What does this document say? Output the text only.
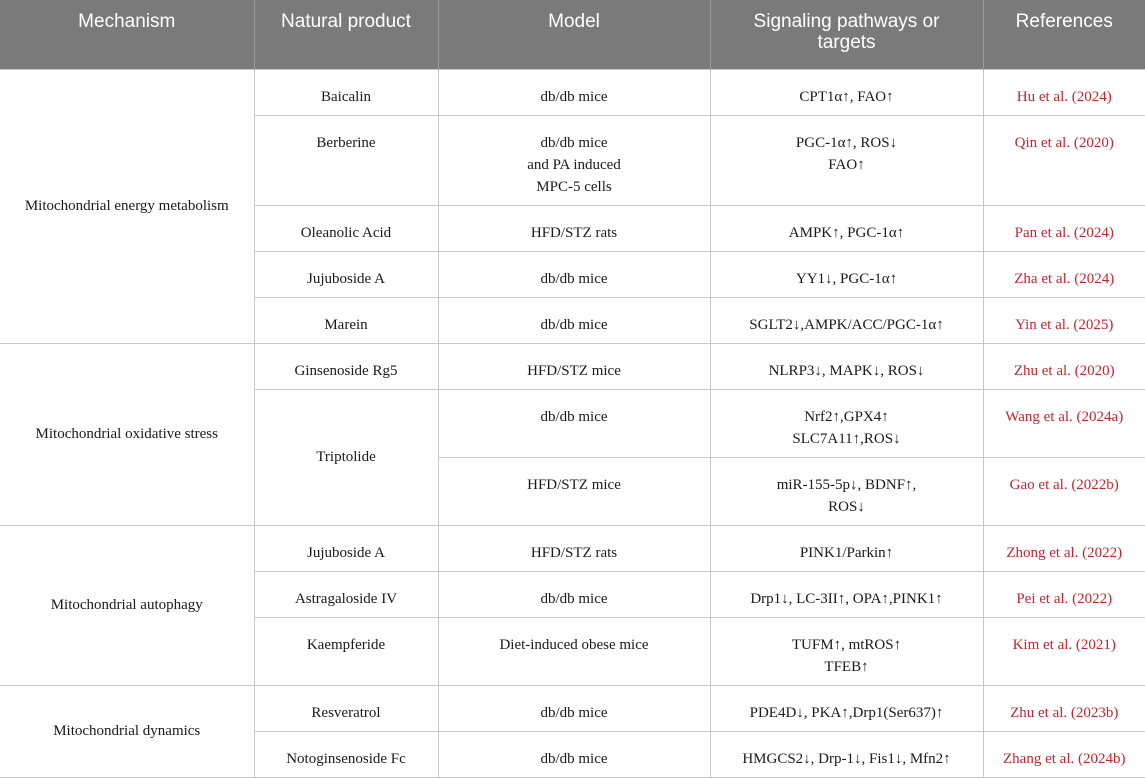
Mechanism	Natural product	Model	Signaling pathways or
targets	References
Mitochondrial energy metabolism	Baicalin	db/db mice	CPT1α↑, FAO↑	Hu et al. (2024)
	Berberine	db/db mice
and PA induced
MPC-5 cells	PGC-1α↑, ROS↓
FAO↑	Qin et al. (2020)
	Oleanolic Acid	HFD/STZ rats	AMPK↑, PGC-1α↑	Pan et al. (2024)
	Jujuboside A	db/db mice	YY1↓, PGC-1α↑	Zha et al. (2024)
	Marein	db/db mice	SGLT2↓,AMPK/ACC/PGC-1α↑	Yin et al. (2025)
Mitochondrial oxidative stress	Ginsenoside Rg5	HFD/STZ mice	NLRP3↓, MAPK↓, ROS↓	Zhu et al. (2020)
	Triptolide	db/db mice	Nrf2↑,GPX4↑
SLC7A11↑,ROS↓	Wang et al. (2024a)

		HFD/STZ mice	miR-155-5p↓, BDNF↑,
ROS↓	Gao et al. (2022b)
Mitochondrial autophagy	Jujuboside A	HFD/STZ rats	PINK1/Parkin↑	Zhong et al. (2022)
	Astragaloside IV	db/db mice	Drp1↓, LC-3II↑, OPA↑,PINK1↑	Pei et al. (2022)
	Kaempferide	Diet-induced obese mice	TUFM↑, mtROS↑
TFEB↑	Kim et al. (2021)
Mitochondrial dynamics	Resveratrol	db/db mice	PDE4D↓, PKA↑,Drp1(Ser637)↑	Zhu et al. (2023b)
	Notoginsenoside Fc	db/db mice	HMGCS2↓, Drp-1↓, Fis1↓, Mfn2↑	Zhang et al. (2024b)
